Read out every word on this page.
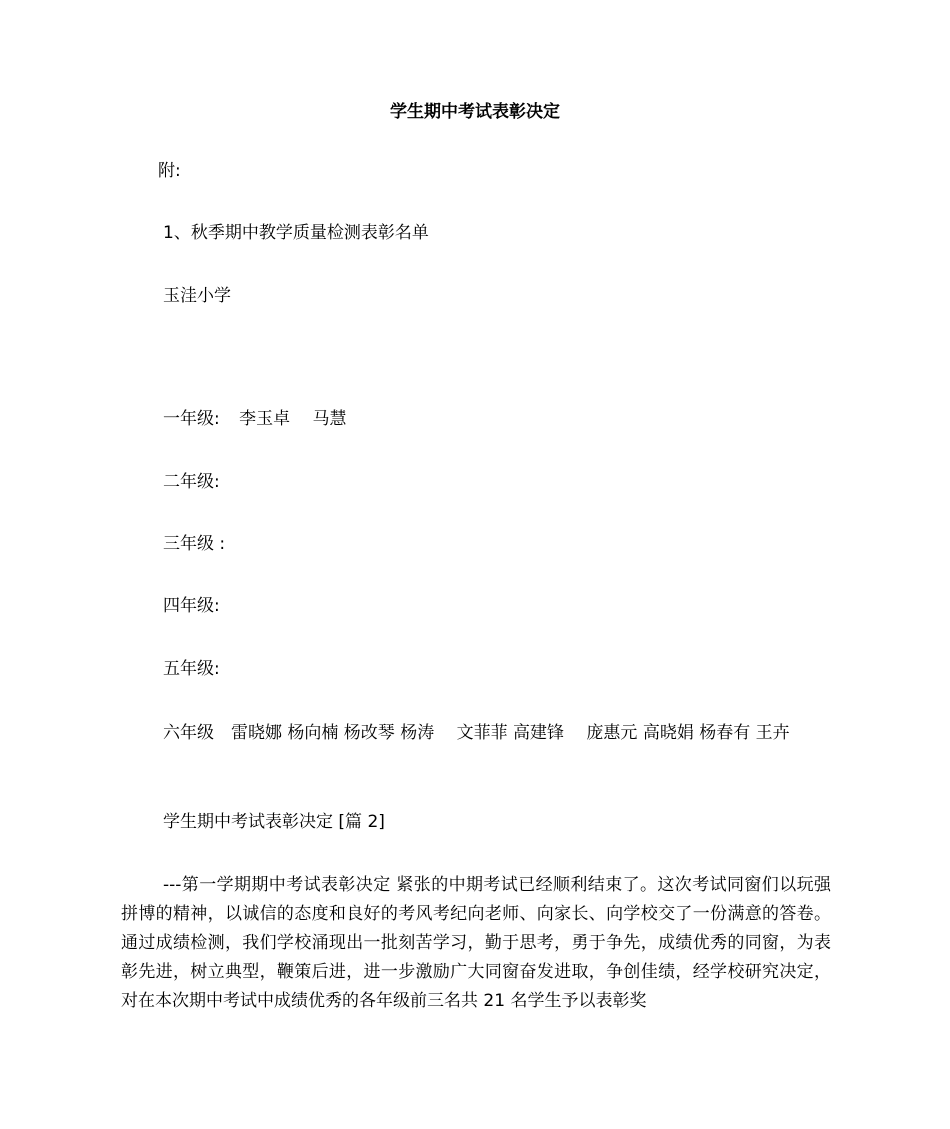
学生期中考试表彰决定
附:
1、秋季期中教学质量检测表彰名单
玉洼小学
一年级: 李玉卓　 马慧
二年级:
三年级 :
四年级:
五年级:
六年级　雷晓娜 杨向楠 杨改琴 杨涛 　文菲菲 高建锋 　庞惠元 高晓娟 杨春有 王卉
学生期中考试表彰决定 [篇 2]
---第一学期期中考试表彰决定 紧张的中期考试已经顺利结束了。这次考试同窗们以玩强拼博的精神，以诚信的态度和良好的考风考纪向老师、向家长、向学校交了一份满意的答卷。通过成绩检测，我们学校涌现出一批刻苦学习，勤于思考，勇于争先，成绩优秀的同窗，为表彰先进，树立典型，鞭策后进，进一步激励广大同窗奋发进取，争创佳绩，经学校研究决定，对在本次期中考试中成绩优秀的各年级前三名共 21 名学生予以表彰奖
